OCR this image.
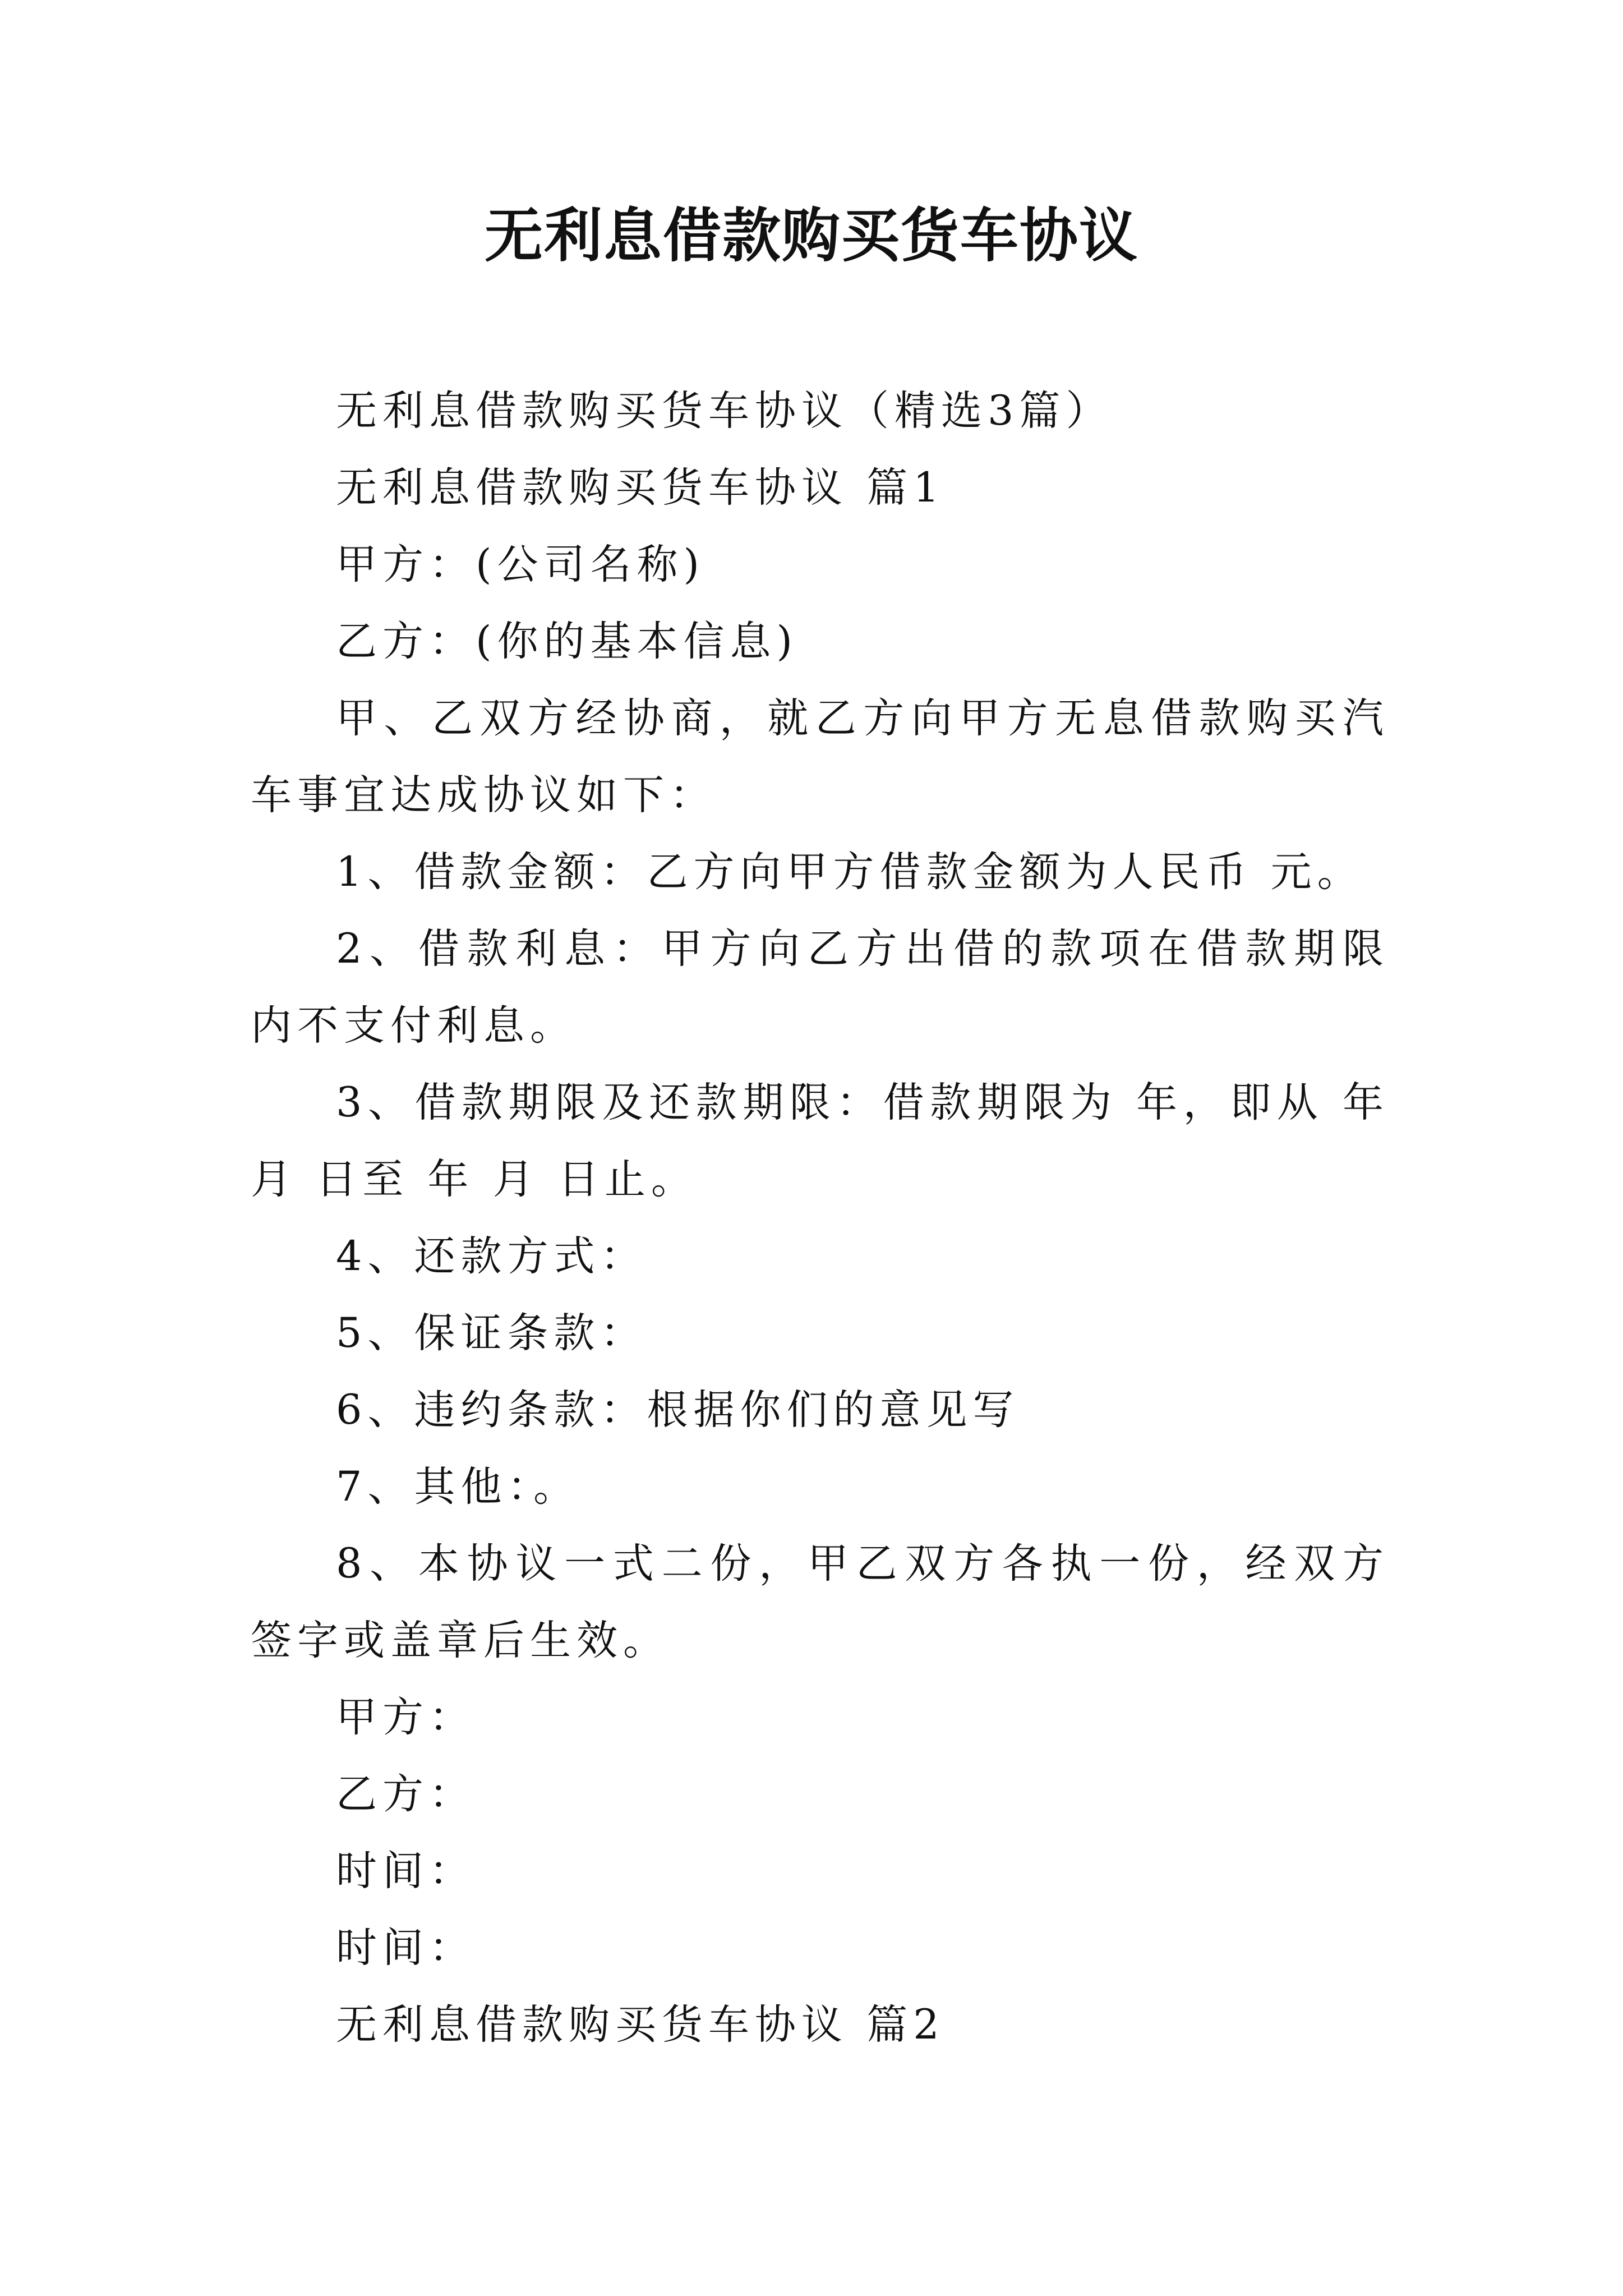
无利息借款购买货车协议

无利息借款购买货车协议（精选3篇）

无利息借款购买货车协议 篇1

甲方：(公司名称)

乙方：(你的基本信息)

甲、乙双方经协商，就乙方向甲方无息借款购买汽车事宜达成协议如下：

1、借款金额：乙方向甲方借款金额为人民币 元。

2、借款利息：甲方向乙方出借的款项在借款期限内不支付利息。

3、借款期限及还款期限：借款期限为 年，即从 年 月 日至 年 月 日止。

4、还款方式：

5、保证条款：

6、违约条款：根据你们的意见写

7、其他：。

8、本协议一式二份，甲乙双方各执一份，经双方签字或盖章后生效。

甲方：

乙方：

时间：

时间：

无利息借款购买货车协议 篇2
